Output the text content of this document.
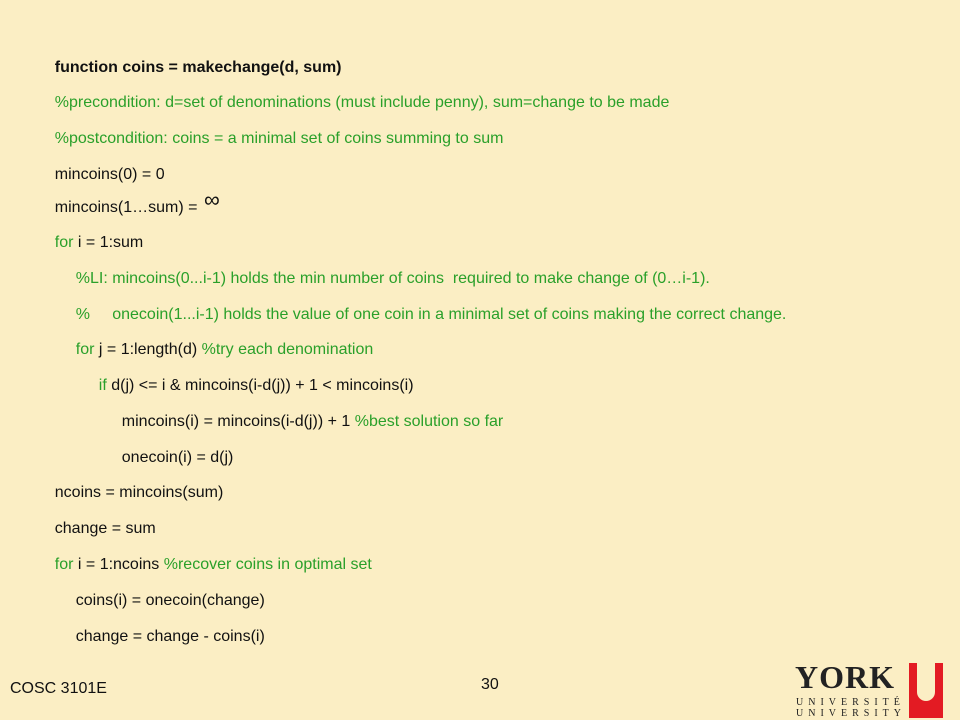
function coins = makechange(d, sum)

%precondition: d=set of denominations (must include penny), sum=change to be made

%postcondition: coins = a minimal set of coins summing to sum

mincoins(0) = 0

mincoins(1…sum) = ∞

for i = 1:sum

%LI: mincoins(0...i-1) holds the min number of coins  required to make change of (0…i-1).

%     onecoin(1...i-1) holds the value of one coin in a minimal set of coins making the correct change.

for j = 1:length(d) %try each denomination

if d(j) <= i & mincoins(i-d(j)) + 1 < mincoins(i)

mincoins(i) = mincoins(i-d(j)) + 1 %best solution so far

onecoin(i) = d(j)

ncoins = mincoins(sum)

change = sum

for i = 1:ncoins %recover coins in optimal set

coins(i) = onecoin(change)

change = change - coins(i)

COSC 3101E	30	YORK
UNIVERSITÉ
UNIVERSITY
